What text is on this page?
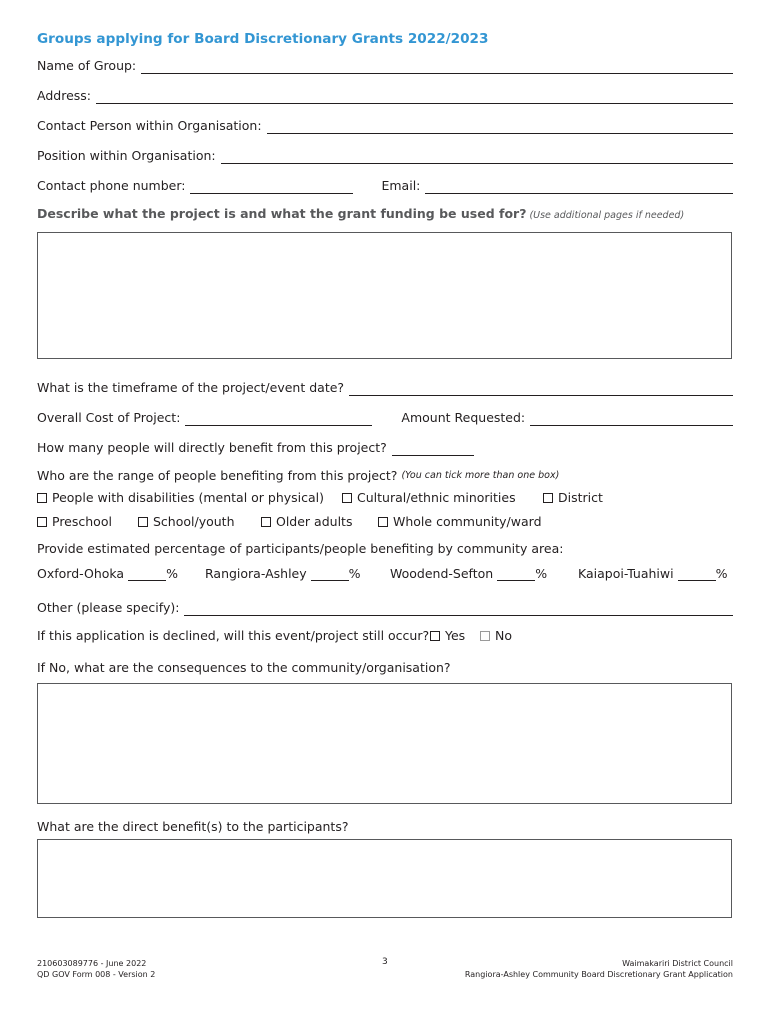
Groups applying for Board Discretionary Grants 2022/2023
Name of Group:
Address:
Contact Person within Organisation:
Position within Organisation:
Contact phone number:	Email:
Describe what the project is and what the grant funding be used for? (Use additional pages if needed)
What is the timeframe of the project/event date?
Overall Cost of Project:	Amount Requested:
How many people will directly benefit from this project?
Who are the range of people benefiting from this project? (You can tick more than one box)
People with disabilities (mental or physical)	Cultural/ethnic minorities	District
Preschool	School/youth	Older adults	Whole community/ward
Provide estimated percentage of participants/people benefiting by community area:
Oxford-Ohoka	% Rangiora-Ashley	% Woodend-Sefton	% Kaiapoi-Tuahiwi	%
Other (please specify):
If this application is declined, will this event/project still occur? Yes No
If No, what are the consequences to the community/organisation?
What are the direct benefit(s) to the participants?
210603089776 - June 2022
QD GOV Form 008 - Version 2
3	Waimakariri District Council
Rangiora-Ashley Community Board Discretionary Grant Application
